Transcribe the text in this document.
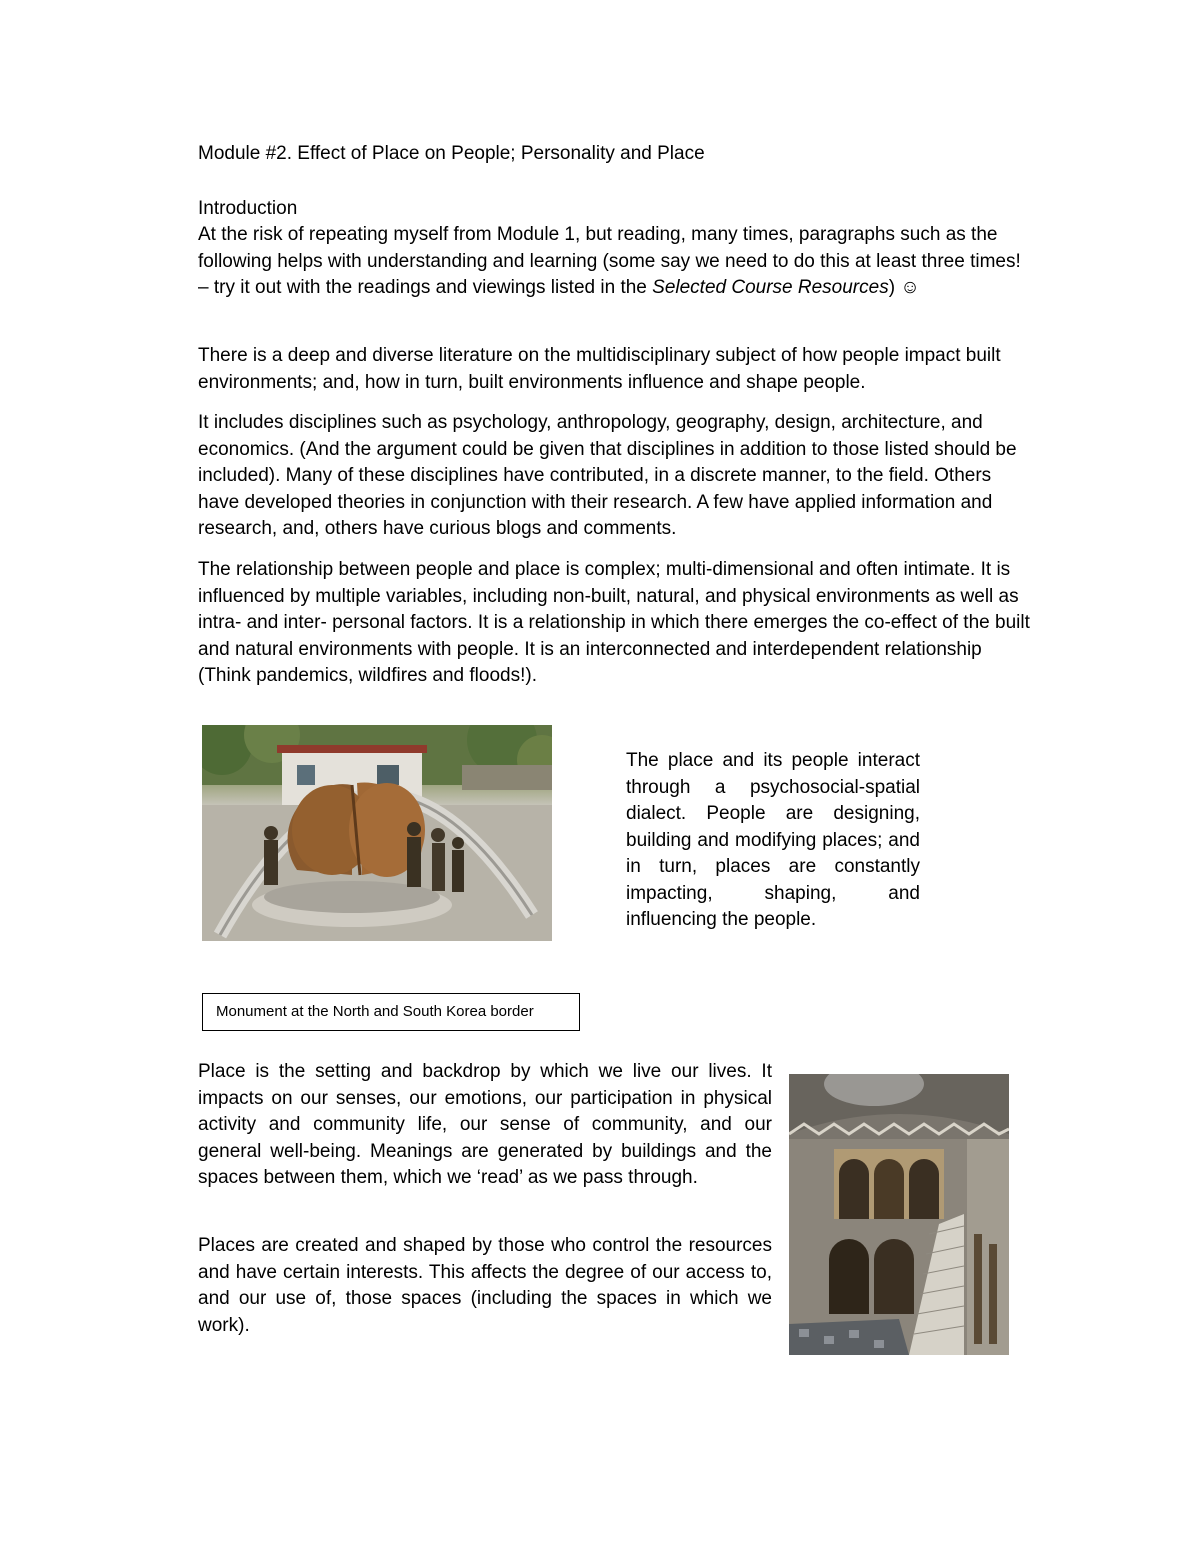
Module #2. Effect of Place on People; Personality and Place

Introduction

At the risk of repeating myself from Module 1, but reading, many times, paragraphs such as the following helps with understanding and learning (some say we need to do this at least three times! – try it out with the readings and viewings listed in the Selected Course Resources) ☺

There is a deep and diverse literature on the multidisciplinary subject of how people impact built environments; and, how in turn, built environments influence and shape people.

It includes disciplines such as psychology, anthropology, geography, design, architecture, and economics. (And the argument could be given that disciplines in addition to those listed should be included). Many of these disciplines have contributed, in a discrete manner, to the field. Others have developed theories in conjunction with their research. A few have applied information and research, and, others have curious blogs and comments.

The relationship between people and place is complex; multi-dimensional and often intimate. It is influenced by multiple variables, including non-built, natural, and physical environments as well as intra- and inter- personal factors. It is a relationship in which there emerges the co-effect of the built and natural environments with people. It is an interconnected and interdependent relationship (Think pandemics, wildfires and floods!).

The place and its people interact through a psychosocial-spatial dialect. People are designing, building and modifying places; and in turn, places are constantly impacting, shaping, and influencing the people.

Monument at the North and South Korea border

Place is the setting and backdrop by which we live our lives. It impacts on our senses, our emotions, our participation in physical activity and community life, our sense of community, and our general well-being. Meanings are generated by buildings and the spaces between them, which we ‘read’ as we pass through.

Places are created and shaped by those who control the resources and have certain interests. This affects the degree of our access to, and our use of, those spaces (including the spaces in which we work).
